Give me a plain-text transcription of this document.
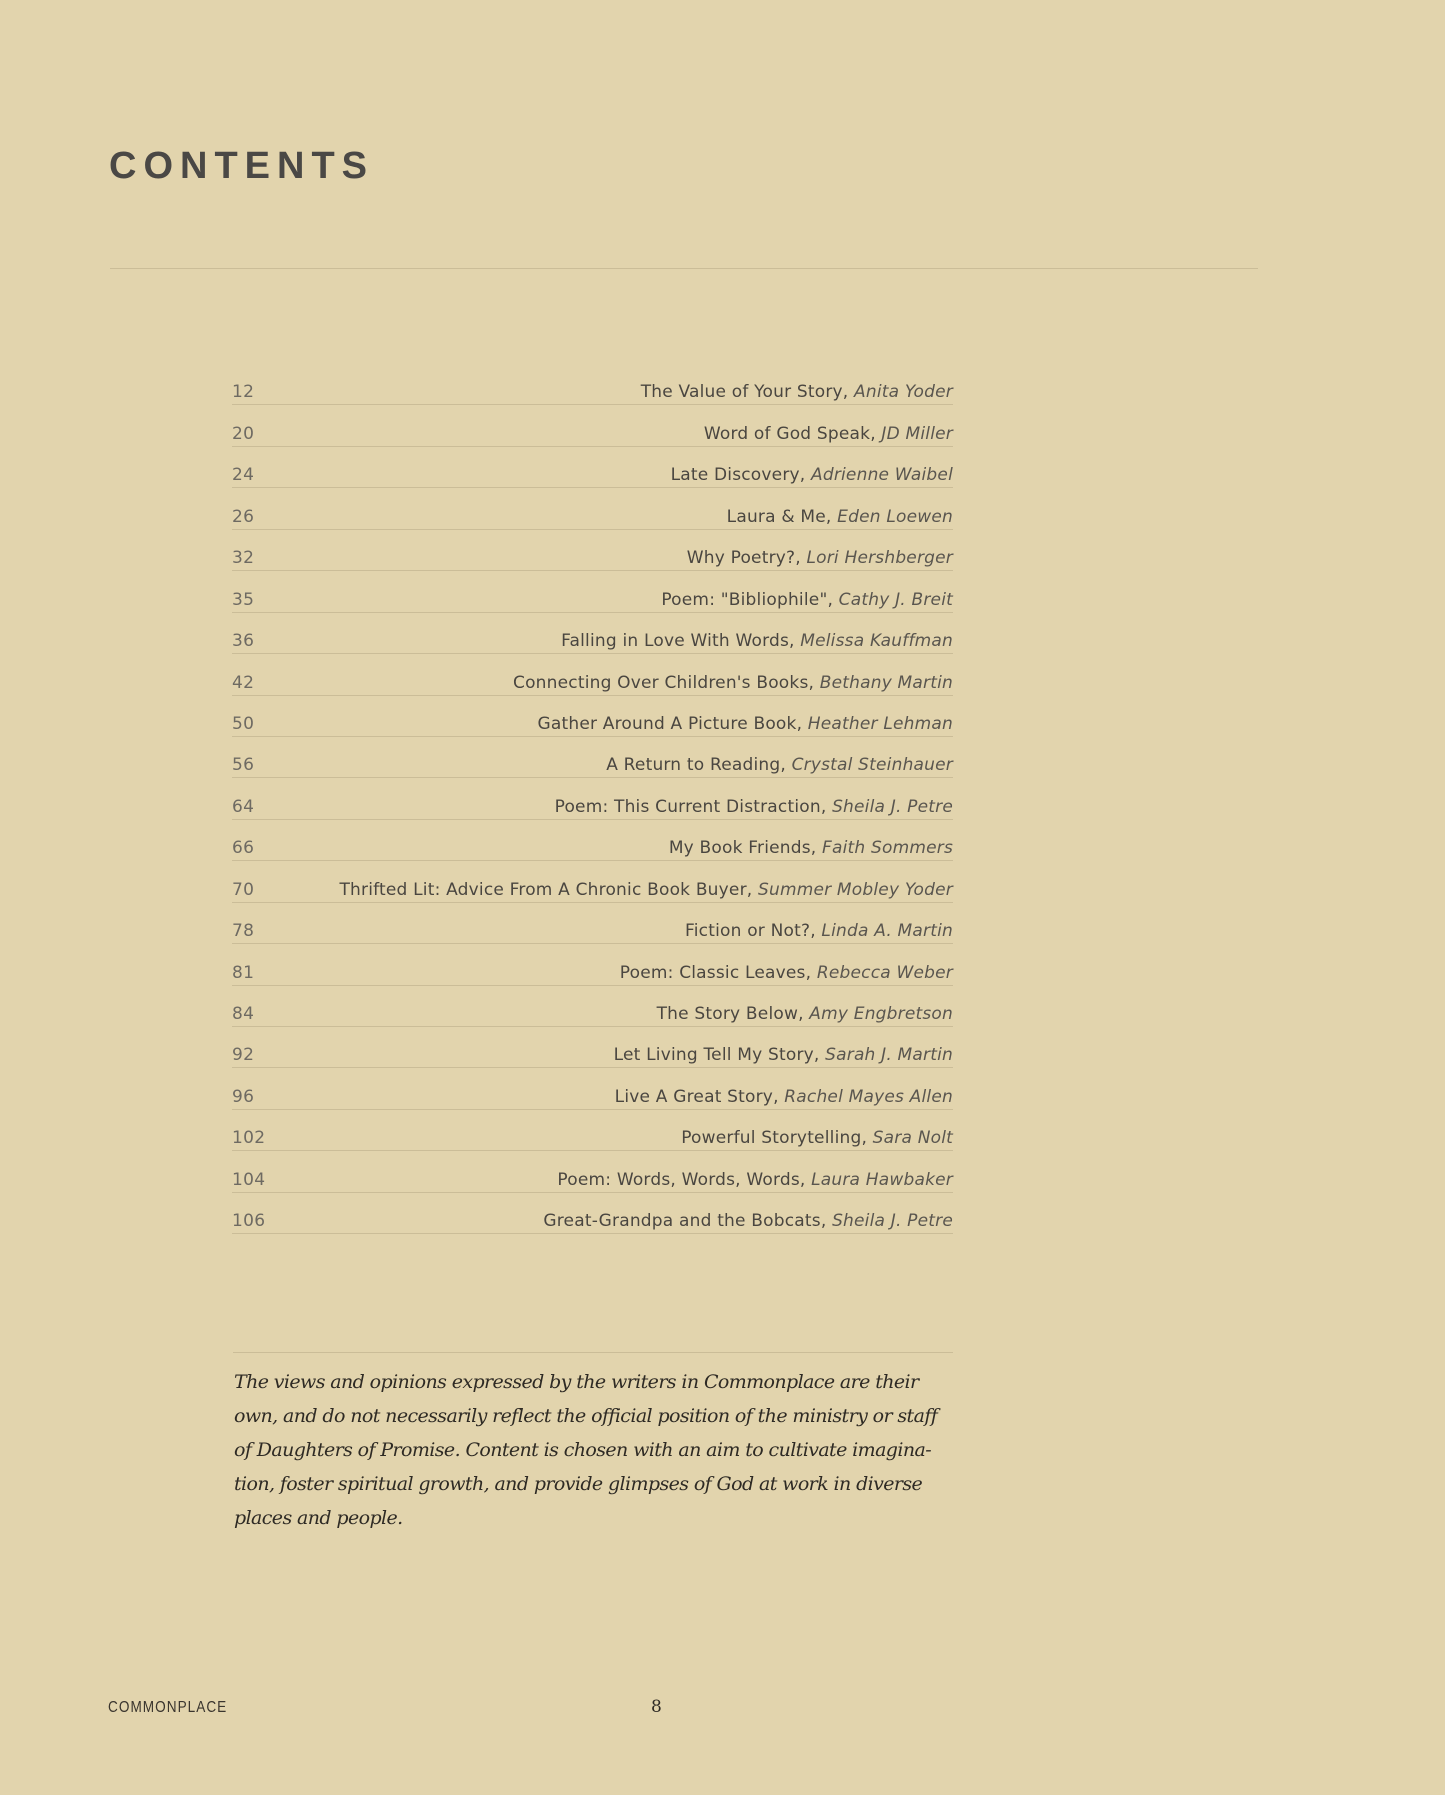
CONTENTS
12	The Value of Your Story, Anita Yoder
20	Word of God Speak, JD Miller
24	Late Discovery, Adrienne Waibel
26	Laura & Me, Eden Loewen
32	Why Poetry?, Lori Hershberger
35	Poem: "Bibliophile", Cathy J. Breit
36	Falling in Love With Words, Melissa Kauffman
42	Connecting Over Children's Books, Bethany Martin
50	Gather Around A Picture Book, Heather Lehman
56	A Return to Reading, Crystal Steinhauer
64	Poem: This Current Distraction, Sheila J. Petre
66	My Book Friends, Faith Sommers
70	Thrifted Lit: Advice From A Chronic Book Buyer, Summer Mobley Yoder
78	Fiction or Not?, Linda A. Martin
81	Poem: Classic Leaves, Rebecca Weber
84	The Story Below, Amy Engbretson
92	Let Living Tell My Story, Sarah J. Martin
96	Live A Great Story, Rachel Mayes Allen
102	Powerful Storytelling, Sara Nolt
104	Poem: Words, Words, Words, Laura Hawbaker
106	Great-Grandpa and the Bobcats, Sheila J. Petre

The views and opinions expressed by the writers in Commonplace are their own, and do not necessarily reflect the official position of the ministry or staff of Daughters of Promise. Content is chosen with an aim to cultivate imagina-tion, foster spiritual growth, and provide glimpses of God at work in diverse places and people.

COMMONPLACE	8
